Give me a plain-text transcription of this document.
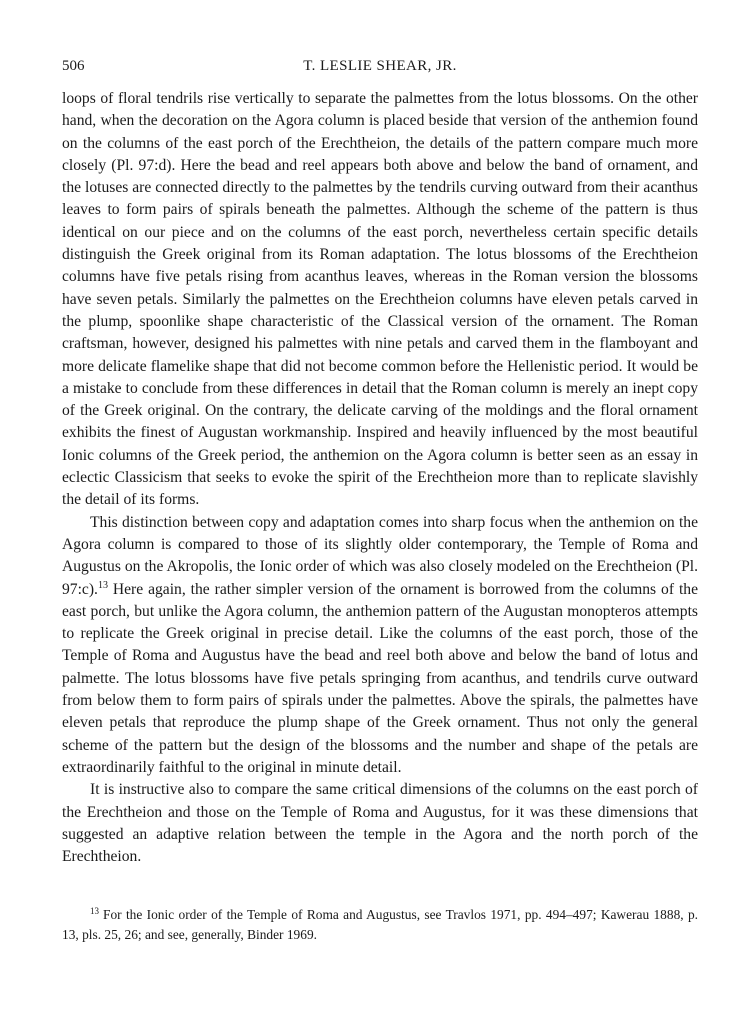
506	T. LESLIE SHEAR, JR.

loops of floral tendrils rise vertically to separate the palmettes from the lotus blossoms. On the other hand, when the decoration on the Agora column is placed beside that version of the anthemion found on the columns of the east porch of the Erechtheion, the details of the pattern compare much more closely (Pl. 97:d). Here the bead and reel appears both above and below the band of ornament, and the lotuses are connected directly to the palmettes by the tendrils curving outward from their acanthus leaves to form pairs of spirals beneath the palmettes. Although the scheme of the pattern is thus identical on our piece and on the columns of the east porch, nevertheless certain specific details distinguish the Greek original from its Roman adaptation. The lotus blossoms of the Erechtheion columns have five petals rising from acanthus leaves, whereas in the Roman version the blossoms have seven petals. Similarly the palmettes on the Erechtheion columns have eleven petals carved in the plump, spoonlike shape characteristic of the Classical version of the ornament. The Roman craftsman, however, designed his palmettes with nine petals and carved them in the flamboyant and more delicate flamelike shape that did not become common before the Hellenistic period. It would be a mistake to conclude from these differences in detail that the Roman column is merely an inept copy of the Greek original. On the contrary, the delicate carving of the moldings and the floral ornament exhibits the finest of Augustan workmanship. Inspired and heavily influenced by the most beautiful Ionic columns of the Greek period, the anthemion on the Agora column is better seen as an essay in eclectic Classicism that seeks to evoke the spirit of the Erechtheion more than to replicate slavishly the detail of its forms.

This distinction between copy and adaptation comes into sharp focus when the anthemion on the Agora column is compared to those of its slightly older contemporary, the Temple of Roma and Augustus on the Akropolis, the Ionic order of which was also closely modeled on the Erechtheion (Pl. 97:c).$^{13}$ Here again, the rather simpler version of the ornament is borrowed from the columns of the east porch, but unlike the Agora column, the anthemion pattern of the Augustan monopteros attempts to replicate the Greek original in precise detail. Like the columns of the east porch, those of the Temple of Roma and Augustus have the bead and reel both above and below the band of lotus and palmette. The lotus blossoms have five petals springing from acanthus, and tendrils curve outward from below them to form pairs of spirals under the palmettes. Above the spirals, the palmettes have eleven petals that reproduce the plump shape of the Greek ornament. Thus not only the general scheme of the pattern but the design of the blossoms and the number and shape of the petals are extraordinarily faithful to the original in minute detail.

It is instructive also to compare the same critical dimensions of the columns on the east porch of the Erechtheion and those on the Temple of Roma and Augustus, for it was these dimensions that suggested an adaptive relation between the temple in the Agora and the north porch of the Erechtheion.

$^{13}$ For the Ionic order of the Temple of Roma and Augustus, see Travlos 1971, pp. 494–497; Kawerau 1888, p. 13, pls. 25, 26; and see, generally, Binder 1969.
